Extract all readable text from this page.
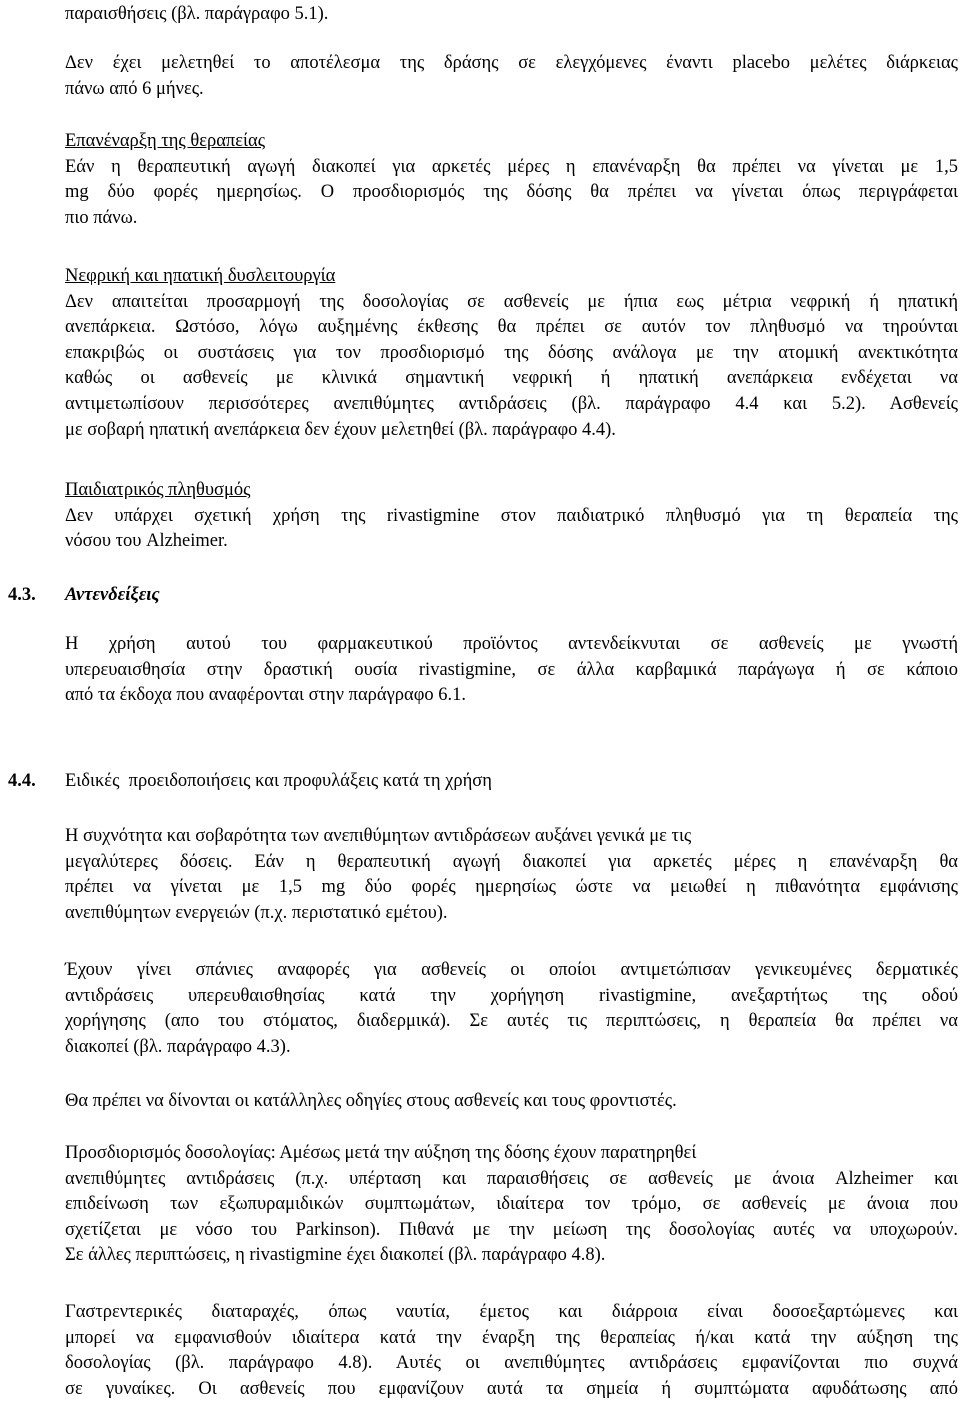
παραισθήσεις (βλ. παράγραφο 5.1).

Δεν έχει μελετηθεί το αποτέλεσμα της δράσης σε ελεγχόμενες έναντι placebo μελέτες διάρκειας
πάνω από 6 μήνες.

Επανέναρξη της θεραπείας
Εάν η θεραπευτική αγωγή διακοπεί για αρκετές μέρες η επανέναρξη θα πρέπει να γίνεται με 1,5
mg δύο φορές ημερησίως. Ο προσδιορισμός της δόσης θα πρέπει να γίνεται όπως περιγράφεται
πιο πάνω.

Νεφρική και ηπατική δυσλειτουργία
Δεν απαιτείται προσαρμογή της δοσολογίας σε ασθενείς με ήπια εως μέτρια νεφρική ή ηπατική
ανεπάρκεια. Ωστόσο, λόγω αυξημένης έκθεσης θα πρέπει σε αυτόν τον πληθυσμό να τηρούνται
επακριβώς οι συστάσεις για τον προσδιορισμό της δόσης ανάλογα με την ατομική ανεκτικότητα
καθώς οι ασθενείς με κλινικά σημαντική νεφρική ή ηπατική ανεπάρκεια ενδέχεται να
αντιμετωπίσουν περισσότερες ανεπιθύμητες αντιδράσεις (βλ. παράγραφο 4.4 και 5.2). Ασθενείς
με σοβαρή ηπατική ανεπάρκεια δεν έχουν μελετηθεί (βλ. παράγραφο 4.4).

Παιδιατρικός πληθυσμός
Δεν υπάρχει σχετική χρήση της rivastigmine στον παιδιατρικό πληθυσμό για τη θεραπεία της
νόσου του Alzheimer.

4.3. Αντενδείξεις

Η χρήση αυτού του φαρμακευτικού προϊόντος αντενδείκνυται σε ασθενείς με γνωστή
υπερευαισθησία στην δραστική ουσία rivastigmine, σε άλλα καρβαμικά παράγωγα ή σε κάποιο
από τα έκδοχα που αναφέρονται στην παράγραφο 6.1.

4.4. Ειδικές  προειδοποιήσεις και προφυλάξεις κατά τη χρήση

Η συχνότητα και σοβαρότητα των ανεπιθύμητων αντιδράσεων αυξάνει γενικά με τις
μεγαλύτερες δόσεις. Εάν η θεραπευτική αγωγή διακοπεί για αρκετές μέρες η επανέναρξη θα
πρέπει να γίνεται με 1,5 mg δύο φορές ημερησίως ώστε να μειωθεί η πιθανότητα εμφάνισης
ανεπιθύμητων ενεργειών (π.χ. περιστατικό εμέτου).

Έχουν γίνει σπάνιες αναφορές για ασθενείς οι οποίοι αντιμετώπισαν γενικευμένες δερματικές
αντιδράσεις υπερευθαισθησίας κατά την χορήγηση rivastigmine, ανεξαρτήτως της οδού
χορήγησης (απο του στόματος, διαδερμικά). Σε αυτές τις περιπτώσεις, η θεραπεία θα πρέπει να
διακοπεί (βλ. παράγραφο 4.3).

Θα πρέπει να δίνονται οι κατάλληλες οδηγίες στους ασθενείς και τους φροντιστές.

Προσδιορισμός δοσολογίας: Αμέσως μετά την αύξηση της δόσης έχουν παρατηρηθεί
ανεπιθύμητες αντιδράσεις (π.χ. υπέρταση και παραισθήσεις σε ασθενείς με άνοια Alzheimer και
επιδείνωση των εξωπυραμιδικών συμπτωμάτων, ιδιαίτερα τον τρόμο, σε ασθενείς με άνοια που
σχετίζεται με νόσο του Parkinson). Πιθανά με την μείωση της δοσολογίας αυτές να υποχωρούν.
Σε άλλες περιπτώσεις, η rivastigmine έχει διακοπεί (βλ. παράγραφο 4.8).

Γαστρεντερικές διαταραχές, όπως ναυτία, έμετος και διάρροια είναι δοσοεξαρτώμενες και
μπορεί να εμφανισθούν ιδιαίτερα κατά την έναρξη της θεραπείας ή/και κατά την αύξηση της
δοσολογίας (βλ. παράγραφο 4.8). Αυτές οι ανεπιθύμητες αντιδράσεις εμφανίζονται πιο συχνά
σε γυναίκες. Οι ασθενείς που εμφανίζουν αυτά τα σημεία ή συμπτώματα αφυδάτωσης από
